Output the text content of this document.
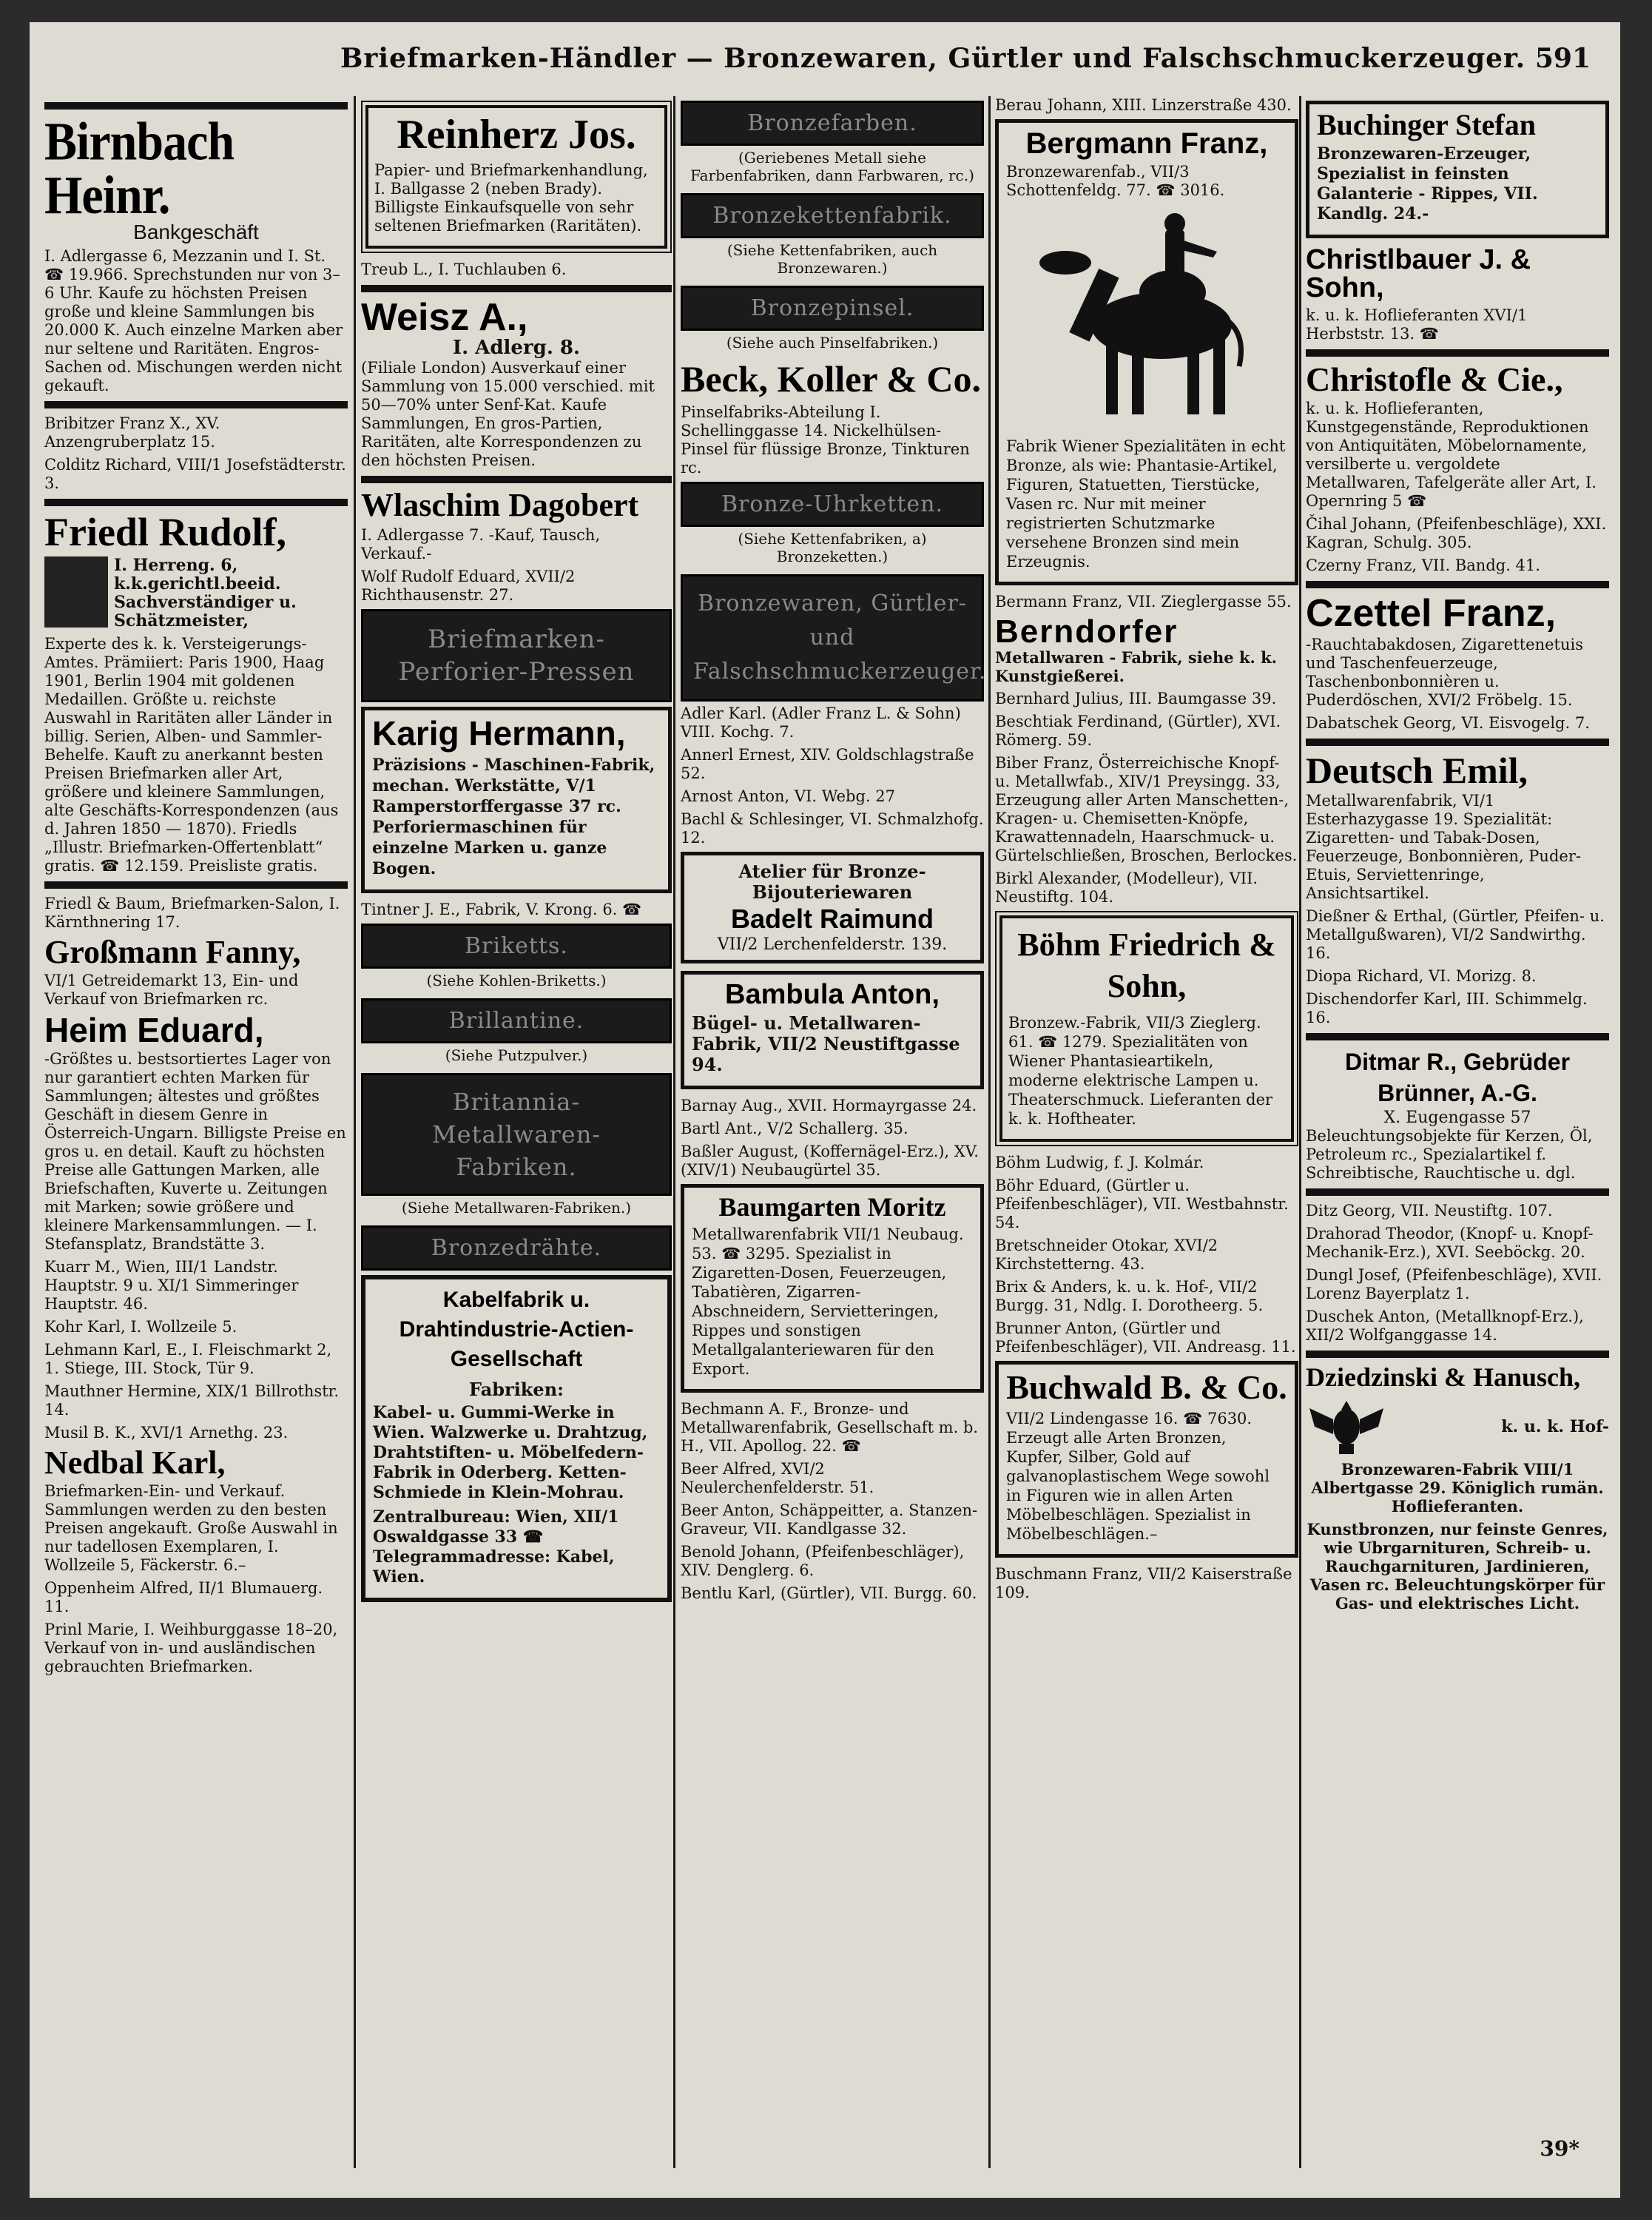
Briefmarken-Händler — Bronzewaren, Gürtler und Falschschmuckerzeuger. 591
Birnbach Heinr.
Bankgeschäft
I. Adlergasse 6, Mezzanin und I. St. ☎ 19.966. Sprechstunden nur von 3–6 Uhr. Kaufe zu höchsten Preisen große und kleine Sammlungen bis 20.000 K. Auch einzelne Marken aber nur seltene und Raritäten. Engros-Sachen od. Mischungen werden nicht gekauft.
Bribitzer Franz X., XV. Anzengruberplatz 15.
Colditz Richard, VIII/1 Josefstädterstr. 3.
Friedl Rudolf,
I. Herreng. 6, k.k.gerichtl.beeid. Sachverständiger u. Schätzmeister,
Experte des k. k. Versteigerungs-Amtes. Prämiiert: Paris 1900, Haag 1901, Berlin 1904 mit goldenen Medaillen. Größte u. reichste Auswahl in Raritäten aller Länder in billig. Serien, Alben- und Sammler-Behelfe. Kauft zu anerkannt besten Preisen Briefmarken aller Art, größere und kleinere Sammlungen, alte Geschäfts-Korrespondenzen (aus d. Jahren 1850 — 1870). Friedls „Illustr. Briefmarken-Offertenblatt“ gratis. ☎ 12.159. Preisliste gratis.
Friedl & Baum, Briefmarken-Salon, I. Kärnthnering 17.
Großmann Fanny,
VI/1 Getreidemarkt 13, Ein- und Verkauf von Briefmarken rc.
Heim Eduard,
-Größtes u. bestsortiertes Lager von nur garantiert echten Marken für Sammlungen; ältestes und größtes Geschäft in diesem Genre in Österreich-Ungarn. Billigste Preise en gros u. en detail. Kauft zu höchsten Preise alle Gattungen Marken, alle Briefschaften, Kuverte u. Zeitungen mit Marken; sowie größere und kleinere Markensammlungen. — I. Stefansplatz, Brandstätte 3.
Kuarr M., Wien, III/1 Landstr. Hauptstr. 9 u. XI/1 Simmeringer Hauptstr. 46.
Kohr Karl, I. Wollzeile 5.
Lehmann Karl, E., I. Fleischmarkt 2, 1. Stiege, III. Stock, Tür 9.
Mauthner Hermine, XIX/1 Billrothstr. 14.
Musil B. K., XVI/1 Arnethg. 23.
Nedbal Karl,
Briefmarken-Ein- und Verkauf. Sammlungen werden zu den besten Preisen angekauft. Große Auswahl in nur tadellosen Exemplaren, I. Wollzeile 5, Fäckerstr. 6.–
Oppenheim Alfred, II/1 Blumauerg. 11.
Prinl Marie, I. Weihburggasse 18–20, Verkauf von in- und ausländischen gebrauchten Briefmarken.
Reinherz Jos.
Papier- und Briefmarkenhandlung, I. Ballgasse 2 (neben Brady). Billigste Einkaufsquelle von sehr seltenen Briefmarken (Raritäten).
Treub L., I. Tuchlauben 6.
Weisz A.,
I. Adlerg. 8.
(Filiale London) Ausverkauf einer Sammlung von 15.000 verschied. mit 50—70% unter Senf-Kat. Kaufe Sammlungen, En gros-Partien, Raritäten, alte Korrespondenzen zu den höchsten Preisen.
Wlaschim Dagobert
I. Adlergasse 7. -Kauf, Tausch, Verkauf.-
Wolf Rudolf Eduard, XVII/2 Richthausenstr. 27.
Briefmarken-Perforier-Pressen
Karig Hermann,
Präzisions - Maschinen-Fabrik, mechan. Werkstätte, V/1 Ramperstorffergasse 37 rc. Perforiermaschinen für einzelne Marken u. ganze Bogen.
Tintner J. E., Fabrik, V. Krong. 6. ☎
Briketts.
(Siehe Kohlen-Briketts.)
Brillantine.
(Siehe Putzpulver.)
Britannia-Metallwaren-Fabriken.
(Siehe Metallwaren-Fabriken.)
Bronzedrähte.
Kabelfabrik u. Drahtindustrie-Actien-Gesellschaft
Fabriken:
Kabel- u. Gummi-Werke in Wien. Walzwerke u. Drahtzug, Drahtstiften- u. Möbelfedern-Fabrik in Oderberg. Ketten-Schmiede in Klein-Mohrau.
Zentralbureau: Wien, XII/1 Oswaldgasse 33 ☎ Telegrammadresse: Kabel, Wien.
Bronzefarben.
(Geriebenes Metall siehe Farbenfabriken, dann Farbwaren, rc.)
Bronzekettenfabrik.
(Siehe Kettenfabriken, auch Bronzewaren.)
Bronzepinsel.
(Siehe auch Pinselfabriken.)
Beck, Koller & Co.
Pinselfabriks-Abteilung I. Schellinggasse 14. Nickelhülsen-Pinsel für flüssige Bronze, Tinkturen rc.
Bronze-Uhrketten.
(Siehe Kettenfabriken, a) Bronzeketten.)
Bronzewaren, Gürtler- und Falschschmuckerzeuger.
Adler Karl. (Adler Franz L. & Sohn) VIII. Kochg. 7.
Annerl Ernest, XIV. Goldschlagstraße 52.
Arnost Anton, VI. Webg. 27
Bachl & Schlesinger, VI. Schmalzhofg. 12.
Atelier für Bronze-Bijouteriewaren
Badelt Raimund
VII/2 Lerchenfelderstr. 139.
Bambula Anton,
Bügel- u. Metallwaren-Fabrik, VII/2 Neustiftgasse 94.
Barnay Aug., XVII. Hormayrgasse 24.
Bartl Ant., V/2 Schallerg. 35.
Baßler August, (Koffernägel-Erz.), XV. (XIV/1) Neubaugürtel 35.
Baumgarten Moritz
Metallwarenfabrik VII/1 Neubaug. 53. ☎ 3295. Spezialist in Zigaretten-Dosen, Feuerzeugen, Tabatièren, Zigarren-Abschneidern, Servietteringen, Rippes und sonstigen Metallgalanteriewaren für den Export.
Bechmann A. F., Bronze- und Metallwarenfabrik, Gesellschaft m. b. H., VII. Apollog. 22. ☎
Beer Alfred, XVI/2 Neulerchenfelderstr. 51.
Beer Anton, Schäppeitter, a. Stanzen-Graveur, VII. Kandlgasse 32.
Benold Johann, (Pfeifenbeschläger), XIV. Denglerg. 6.
Bentlu Karl, (Gürtler), VII. Burgg. 60.
Berau Johann, XIII. Linzerstraße 430.
Bergmann Franz,
Bronzewarenfab., VII/3 Schottenfeldg. 77. ☎ 3016.
Fabrik Wiener Spezialitäten in echt Bronze, als wie: Phantasie-Artikel, Figuren, Statuetten, Tierstücke, Vasen rc. Nur mit meiner registrierten Schutzmarke versehene Bronzen sind mein Erzeugnis.
Bermann Franz, VII. Zieglergasse 55.
Berndorfer
Metallwaren - Fabrik, siehe k. k. Kunstgießerei.
Bernhard Julius, III. Baumgasse 39.
Beschtiak Ferdinand, (Gürtler), XVI. Römerg. 59.
Biber Franz, Österreichische Knopf- u. Metallwfab., XIV/1 Preysingg. 33, Erzeugung aller Arten Manschetten-, Kragen- u. Chemisetten-Knöpfe, Krawattennadeln, Haarschmuck- u. Gürtelschließen, Broschen, Berlockes.
Birkl Alexander, (Modelleur), VII. Neustiftg. 104.
Böhm Friedrich & Sohn,
Bronzew.-Fabrik, VII/3 Zieglerg. 61. ☎ 1279. Spezialitäten von Wiener Phantasieartikeln, moderne elektrische Lampen u. Theaterschmuck. Lieferanten der k. k. Hoftheater.
Böhm Ludwig, f. J. Kolmár.
Böhr Eduard, (Gürtler u. Pfeifenbeschläger), VII. Westbahnstr. 54.
Bretschneider Otokar, XVI/2 Kirchstetterng. 43.
Brix & Anders, k. u. k. Hof-, VII/2 Burgg. 31, Ndlg. I. Dorotheerg. 5.
Brunner Anton, (Gürtler und Pfeifenbeschläger), VII. Andreasg. 11.
Buchwald B. & Co.
VII/2 Lindengasse 16. ☎ 7630. Erzeugt alle Arten Bronzen, Kupfer, Silber, Gold auf galvanoplastischem Wege sowohl in Figuren wie in allen Arten Möbelbeschlägen. Spezialist in Möbelbeschlägen.–
Buschmann Franz, VII/2 Kaiserstraße 109.
Buchinger Stefan
Bronzewaren-Erzeuger, Spezialist in feinsten Galanterie - Rippes, VII. Kandlg. 24.-
Christlbauer J. & Sohn,
k. u. k. Hoflieferanten XVI/1 Herbststr. 13. ☎
Christofle & Cie.,
k. u. k. Hoflieferanten, Kunstgegenstände, Reproduktionen von Antiquitäten, Möbelornamente, versilberte u. vergoldete Metallwaren, Tafelgeräte aller Art, I. Opernring 5 ☎
Čihal Johann, (Pfeifenbeschläge), XXI. Kagran, Schulg. 305.
Czerny Franz, VII. Bandg. 41.
Czettel Franz,
-Rauchtabakdosen, Zigarettenetuis und Taschenfeuerzeuge, Taschenbonbonnièren u. Puderdöschen, XVI/2 Fröbelg. 15.
Dabatschek Georg, VI. Eisvogelg. 7.
Deutsch Emil,
Metallwarenfabrik, VI/1 Esterhazygasse 19. Spezialität: Zigaretten- und Tabak-Dosen, Feuerzeuge, Bonbonnièren, Puder-Etuis, Serviettenringe, Ansichtsartikel.
Dießner & Erthal, (Gürtler, Pfeifen- u. Metallgußwaren), VI/2 Sandwirthg. 16.
Diopa Richard, VI. Morizg. 8.
Dischendorfer Karl, III. Schimmelg. 16.
Ditmar R., Gebrüder Brünner, A.-G.
X. Eugengasse 57
Beleuchtungsobjekte für Kerzen, Öl, Petroleum rc., Spezialartikel f. Schreibtische, Rauchtische u. dgl.
Ditz Georg, VII. Neustiftg. 107.
Drahorad Theodor, (Knopf- u. Knopf-Mechanik-Erz.), XVI. Seeböckg. 20.
Dungl Josef, (Pfeifenbeschläge), XVII. Lorenz Bayerplatz 1.
Duschek Anton, (Metallknopf-Erz.), XII/2 Wolfganggasse 14.
Dziedzinski & Hanusch,
k. u. k. Hof-
Bronzewaren-Fabrik VIII/1 Albertgasse 29. Königlich rumän. Hoflieferanten.
Kunstbronzen, nur feinste Genres, wie Ubrgarnituren, Schreib- u. Rauchgarnituren, Jardinieren, Vasen rc. Beleuchtungskörper für Gas- und elektrisches Licht.
39*
